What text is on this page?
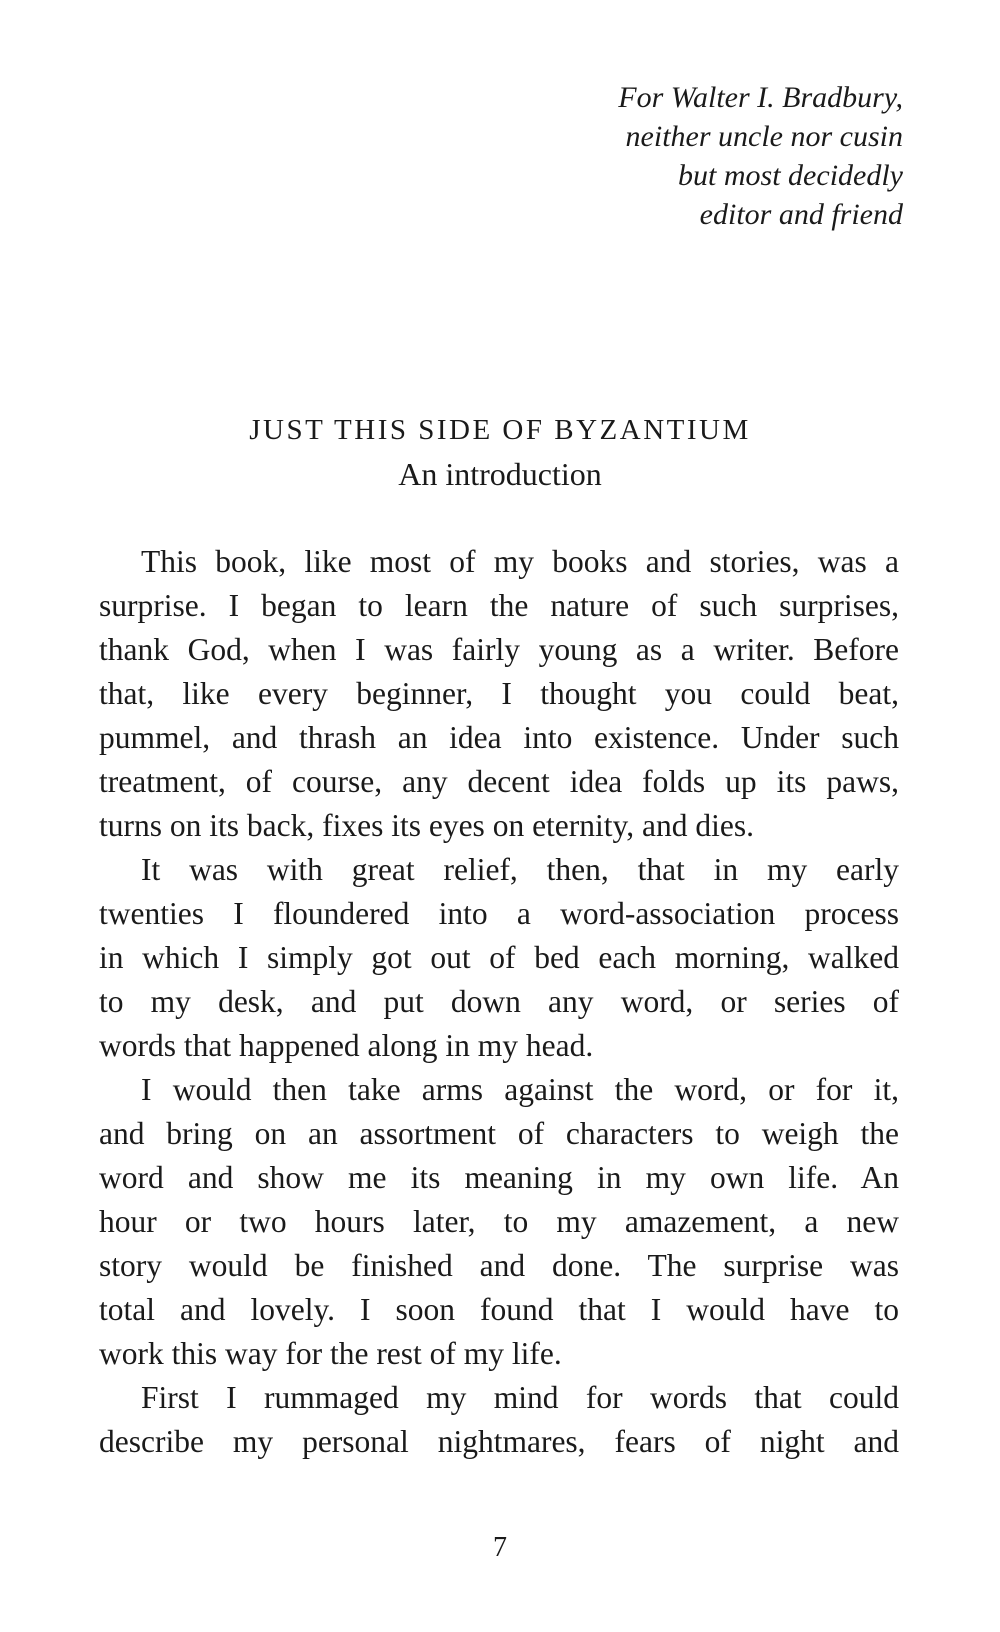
For Walter I. Bradbury,
neither uncle nor cusin
but most decidedly
editor and friend
JUST THIS SIDE OF BYZANTIUM
An introduction
This book, like most of my books and stories, was a
surprise. I began to learn the nature of such surprises,
thank God, when I was fairly young as a writer. Before
that, like every beginner, I thought you could beat,
pummel, and thrash an idea into existence. Under such
treatment, of course, any decent idea folds up its paws,
turns on its back, fixes its eyes on eternity, and dies.
It was with great relief, then, that in my early
twenties I floundered into a word-association process
in which I simply got out of bed each morning, walked
to my desk, and put down any word, or series of
words that happened along in my head.
I would then take arms against the word, or for it,
and bring on an assortment of characters to weigh the
word and show me its meaning in my own life. An
hour or two hours later, to my amazement, a new
story would be finished and done. The surprise was
total and lovely. I soon found that I would have to
work this way for the rest of my life.
First I rummaged my mind for words that could
describe my personal nightmares, fears of night and
7
